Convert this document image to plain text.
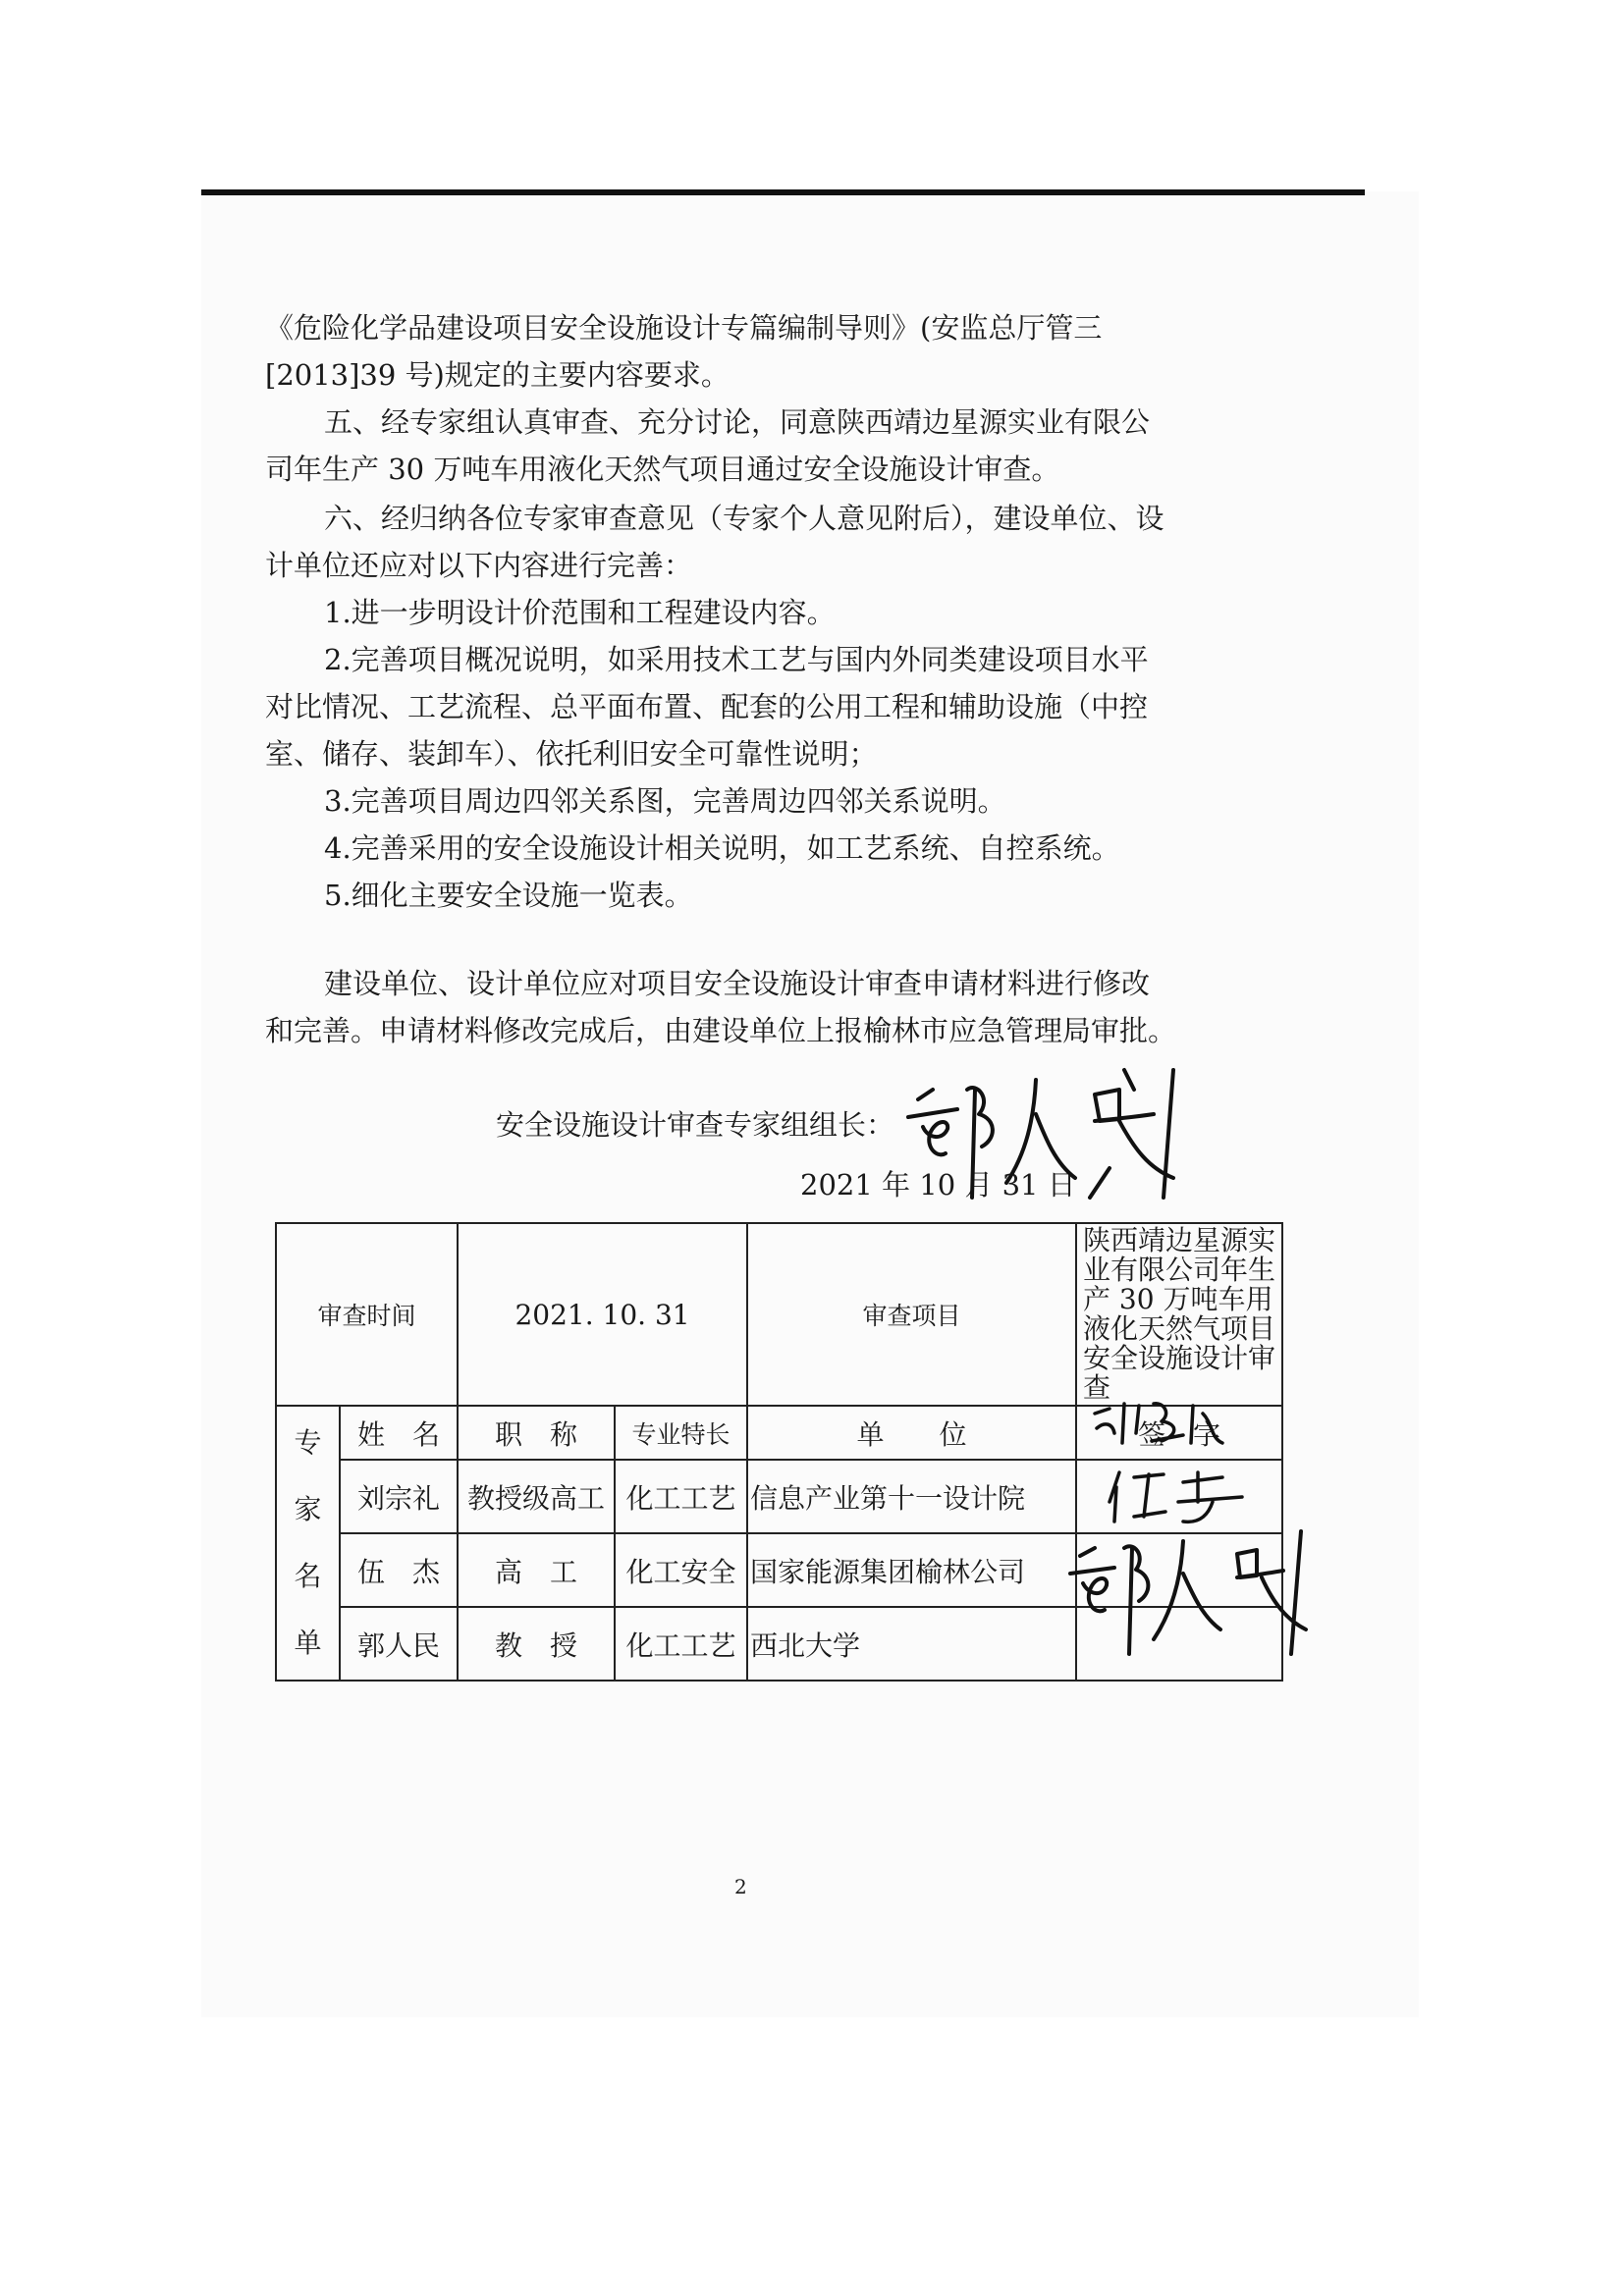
《危险化学品建设项目安全设施设计专篇编制导则》(安监总厅管三

[2013]39 号)规定的主要内容要求。

五、经专家组认真审查、充分讨论，同意陕西靖边星源实业有限公

司年生产 30 万吨车用液化天然气项目通过安全设施设计审查。

六、经归纳各位专家审查意见（专家个人意见附后），建设单位、设

计单位还应对以下内容进行完善：

1.进一步明设计价范围和工程建设内容。

2.完善项目概况说明，如采用技术工艺与国内外同类建设项目水平

对比情况、工艺流程、总平面布置、配套的公用工程和辅助设施（中控

室、储存、装卸车）、依托利旧安全可靠性说明；

3.完善项目周边四邻关系图，完善周边四邻关系说明。

4.完善采用的安全设施设计相关说明，如工艺系统、自控系统。

5.细化主要安全设施一览表。

建设单位、设计单位应对项目安全设施设计审查申请材料进行修改

和完善。申请材料修改完成后，由建设单位上报榆林市应急管理局审批。

安全设施设计审查专家组组长：
2021 年 10 月 31 日
审查时间		2021. 10. 31		审查项目	陕西靖边星源实业有限公司年生产 30 万吨车用液化天然气项目安全设施设计审查

专
家
名
单	姓　名	职　称	专业特长	单　　位	签　字
	刘宗礼	教授级高工	化工工艺	信息产业第十一设计院	
	伍　杰	高　工	化工安全	国家能源集团榆林公司	
	郭人民	教　授	化工工艺	西北大学	
2
